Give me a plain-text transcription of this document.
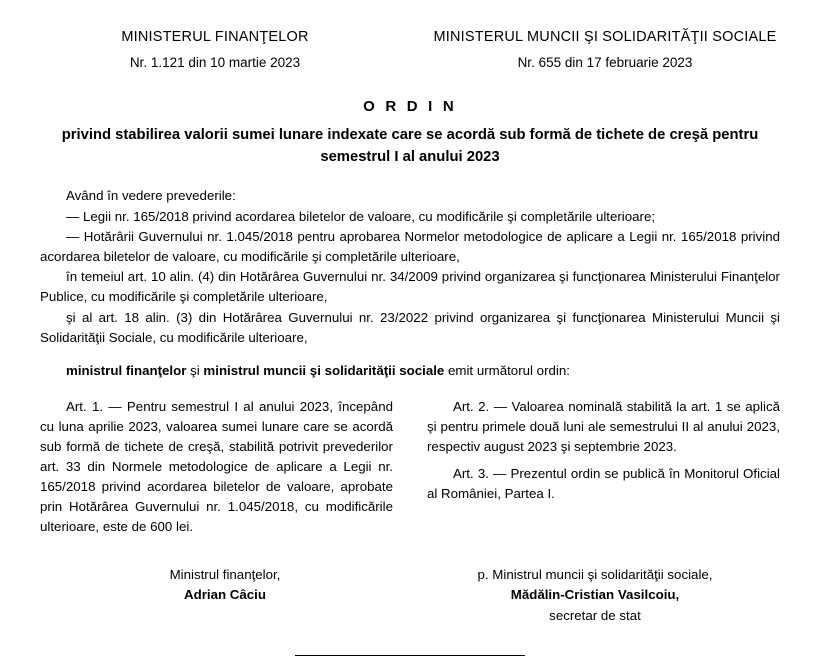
MINISTERUL FINANŢELOR
Nr. 1.121 din 10 martie 2023
MINISTERUL MUNCII ŞI SOLIDARITĂŢII SOCIALE
Nr. 655 din 17 februarie 2023
O R D I N
privind stabilirea valorii sumei lunare indexate care se acordă sub formă de tichete de creşă pentru semestrul I al anului 2023

Având în vedere prevederile:

— Legii nr. 165/2018 privind acordarea biletelor de valoare, cu modificările şi completările ulterioare;

— Hotărârii Guvernului nr. 1.045/2018 pentru aprobarea Normelor metodologice de aplicare a Legii nr. 165/2018 privind acordarea biletelor de valoare, cu modificările şi completările ulterioare,

în temeiul art. 10 alin. (4) din Hotărârea Guvernului nr. 34/2009 privind organizarea şi funcţionarea Ministerului Finanţelor Publice, cu modificările şi completările ulterioare,

şi al art. 18 alin. (3) din Hotărârea Guvernului nr. 23/2022 privind organizarea şi funcţionarea Ministerului Muncii şi Solidarităţii Sociale, cu modificările ulterioare,

ministrul finanţelor şi ministrul muncii şi solidarităţii sociale emit următorul ordin:

Art. 1. — Pentru semestrul I al anului 2023, începând cu luna aprilie 2023, valoarea sumei lunare care se acordă sub formă de tichete de creşă, stabilită potrivit prevederilor art. 33 din Normele metodologice de aplicare a Legii nr. 165/2018 privind acordarea biletelor de valoare, aprobate prin Hotărârea Guvernului nr. 1.045/2018, cu modificările ulterioare, este de 600 lei.

Art. 2. — Valoarea nominală stabilită la art. 1 se aplică şi pentru primele două luni ale semestrului II al anului 2023, respectiv august 2023 şi septembrie 2023.

Art. 3. — Prezentul ordin se publică în Monitorul Oficial al României, Partea I.

Ministrul finanţelor,
Adrian Câciu
p. Ministrul muncii şi solidarităţii sociale,
Mădălin-Cristian Vasilcoiu,
secretar de stat
